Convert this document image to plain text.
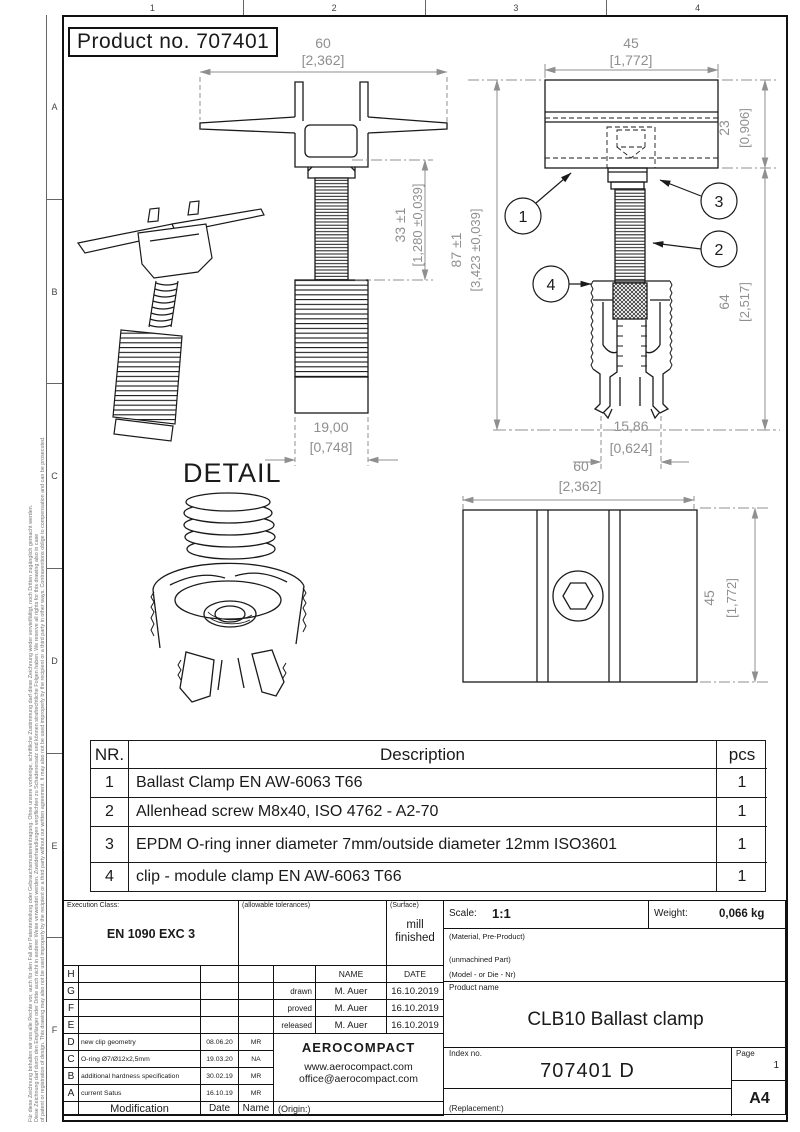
1	2	3	4
A
B
C
D
E
F
Für diese Zeichnung behalten wir uns alle Rechte vor, auch für den Fall der Patenterteilung oder Gebrauchsmustereintragung. Ohne unsere vorherige, schriftliche Zustimmung darf diese Zeichnung weder vervielfältigt, noch Dritten zugänglich gemacht werden. Diese Zeichnung darf durch den Empfänger oder Dritte auch nicht in anderer Weise verwendet werden. Zuwiderhandlungen verpflichten zu Schadenersatz und können strafrechtliche Folgen haben. We reserve all rights for this drawing also in case of patent or registration of design. This drawing may also not be used improperly by the recipient or a third party without our written agreement. It may also not be used improperly by the recipient or a third party in other ways. Contraventions oblige to compensation and can be prosecuted.
60
[2,362]
19,00
[0,748]
33 ±1 [1,280 ±0,039] 87 ±1 [3,423 ±0,039]
45
[1,772]
23 [0,906]
64 [2,517]
15,86
[0,624]
60
[2,362]
45 [1,772]
1
3
2
4
Product no. 707401
DETAIL
NR.	Description	pcs
1	Ballast Clamp EN AW-6063 T66	1
2	Allenhead screw M8x40, ISO 4762 - A2-70	1
3	EPDM O-ring inner diameter 7mm/outside diameter 12mm ISO3601	1
4	clip - module clamp EN AW-6063 T66	1
Execution Class:
EN 1090 EXC 3
(allowable tolerances)	(Surface)
mill finished
H	NAME	DATE
G	drawn	M. Auer	16.10.2019
F	proved	M. Auer	16.10.2019
E	released	M. Auer	16.10.2019
D new clip geometry	08.06.20	MR
C O-ring Ø7/Ø12x2,5mm	19.03.20	NA
B additional hardness specification	30.02.19	MR
A current Satus	16.10.19	MR
AEROCOMPACT
www.aerocompact.com
office@aerocompact.com
Modification	Date	Name (Origin:)
Scale: 1:1	Weight:	0,066 kg
(Material, Pre-Product)
(unmachined Part)
(Model - or Die - Nr)
Product name
CLB10 Ballast clamp
Index no.
707401 D
(Replacement:)
Page
1
A4
